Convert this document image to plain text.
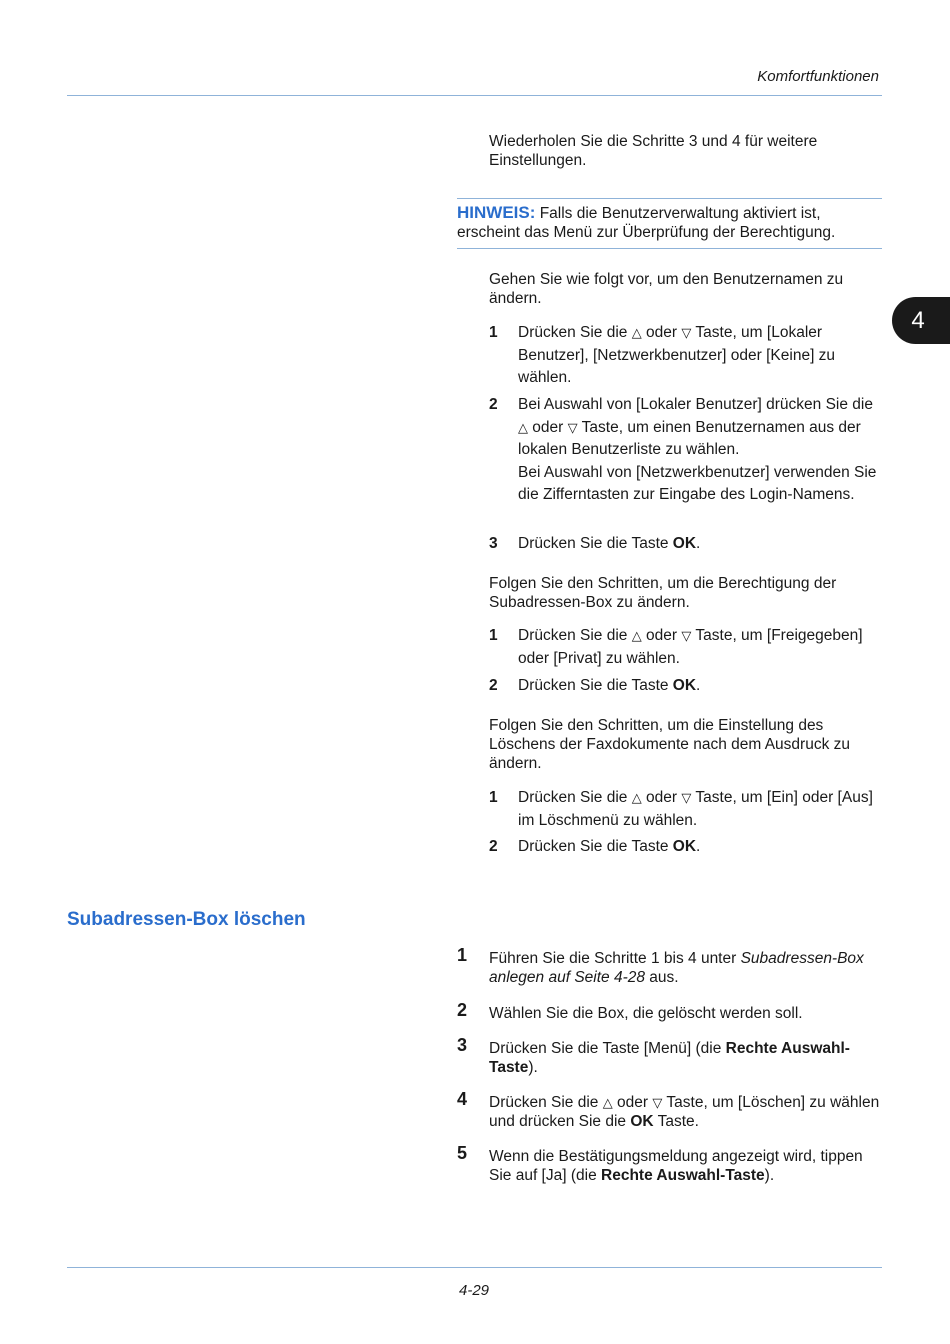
Komfortfunktionen
4
Wiederholen Sie die Schritte 3 und 4 für weitere Einstellungen.
HINWEIS: Falls die Benutzerverwaltung aktiviert ist, erscheint das Menü zur Überprüfung der Berechtigung.
Gehen Sie wie folgt vor, um den Benutzernamen zu ändern.
1 Drücken Sie die △ oder ▽ Taste, um [Lokaler Benutzer], [Netzwerkbenutzer] oder [Keine] zu wählen.
2 Bei Auswahl von [Lokaler Benutzer] drücken Sie die △ oder ▽ Taste, um einen Benutzernamen aus der lokalen Benutzerliste zu wählen.
Bei Auswahl von [Netzwerkbenutzer] verwenden Sie die Zifferntasten zur Eingabe des Login-Namens.
3 Drücken Sie die Taste OK.
Folgen Sie den Schritten, um die Berechtigung der Subadressen-Box zu ändern.
1 Drücken Sie die △ oder ▽ Taste, um [Freigegeben] oder [Privat] zu wählen.
2 Drücken Sie die Taste OK.
Folgen Sie den Schritten, um die Einstellung des Löschens der Faxdokumente nach dem Ausdruck zu ändern.
1 Drücken Sie die △ oder ▽ Taste, um [Ein] oder [Aus] im Löschmenü zu wählen.
2 Drücken Sie die Taste OK.
Subadressen-Box löschen
1 Führen Sie die Schritte 1 bis 4 unter Subadressen-Box anlegen auf Seite 4-28 aus.
2 Wählen Sie die Box, die gelöscht werden soll.
3 Drücken Sie die Taste [Menü] (die Rechte Auswahl-Taste).
4 Drücken Sie die △ oder ▽ Taste, um [Löschen] zu wählen und drücken Sie die OK Taste.
5 Wenn die Bestätigungsmeldung angezeigt wird, tippen Sie auf [Ja] (die Rechte Auswahl-Taste).
4-29
